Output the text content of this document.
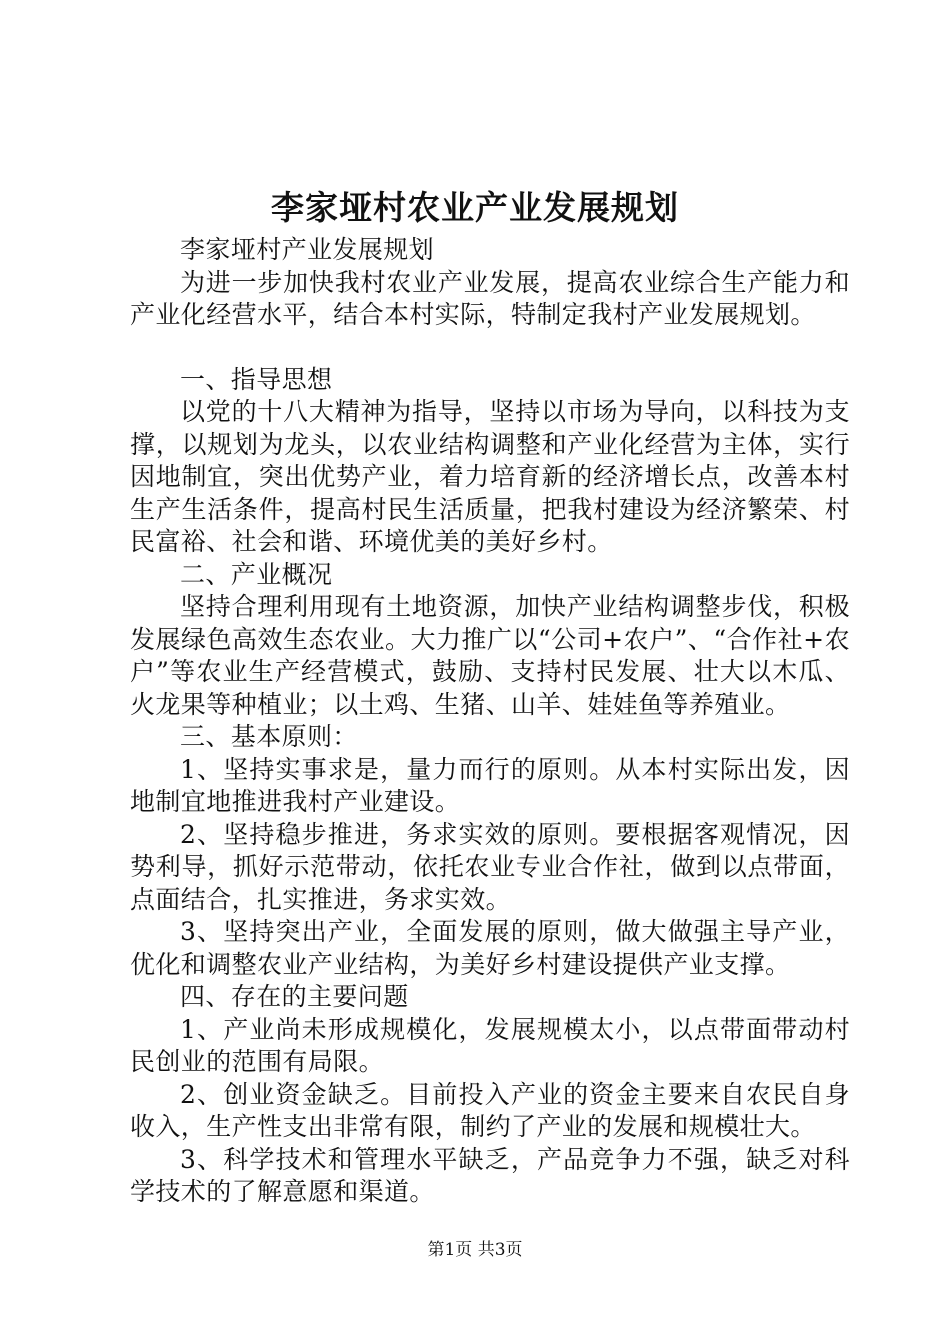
李家垭村农业产业发展规划

李家垭村产业发展规划

为进一步加快我村农业产业发展，提高农业综合生产能力和产业化经营水平，结合本村实际，特制定我村产业发展规划。

一、指导思想

以党的十八大精神为指导，坚持以市场为导向，以科技为支撑，以规划为龙头，以农业结构调整和产业化经营为主体，实行因地制宜，突出优势产业，着力培育新的经济增长点，改善本村生产生活条件，提高村民生活质量，把我村建设为经济繁荣、村民富裕、社会和谐、环境优美的美好乡村。

二、产业概况

坚持合理利用现有土地资源，加快产业结构调整步伐，积极发展绿色高效生态农业。大力推广以“公司+农户”、“合作社+农户”等农业生产经营模式，鼓励、支持村民发展、壮大以木瓜、火龙果等种植业；以土鸡、生猪、山羊、娃娃鱼等养殖业。

三、基本原则：

1、坚持实事求是，量力而行的原则。从本村实际出发，因地制宜地推进我村产业建设。

2、坚持稳步推进，务求实效的原则。要根据客观情况，因势利导，抓好示范带动，依托农业专业合作社，做到以点带面，点面结合，扎实推进，务求实效。

3、坚持突出产业，全面发展的原则，做大做强主导产业，优化和调整农业产业结构，为美好乡村建设提供产业支撑。

四、存在的主要问题

1、产业尚未形成规模化，发展规模太小，以点带面带动村民创业的范围有局限。

2、创业资金缺乏。目前投入产业的资金主要来自农民自身收入，生产性支出非常有限，制约了产业的发展和规模壮大。

3、科学技术和管理水平缺乏，产品竞争力不强，缺乏对科学技术的了解意愿和渠道。

第1页 共3页
